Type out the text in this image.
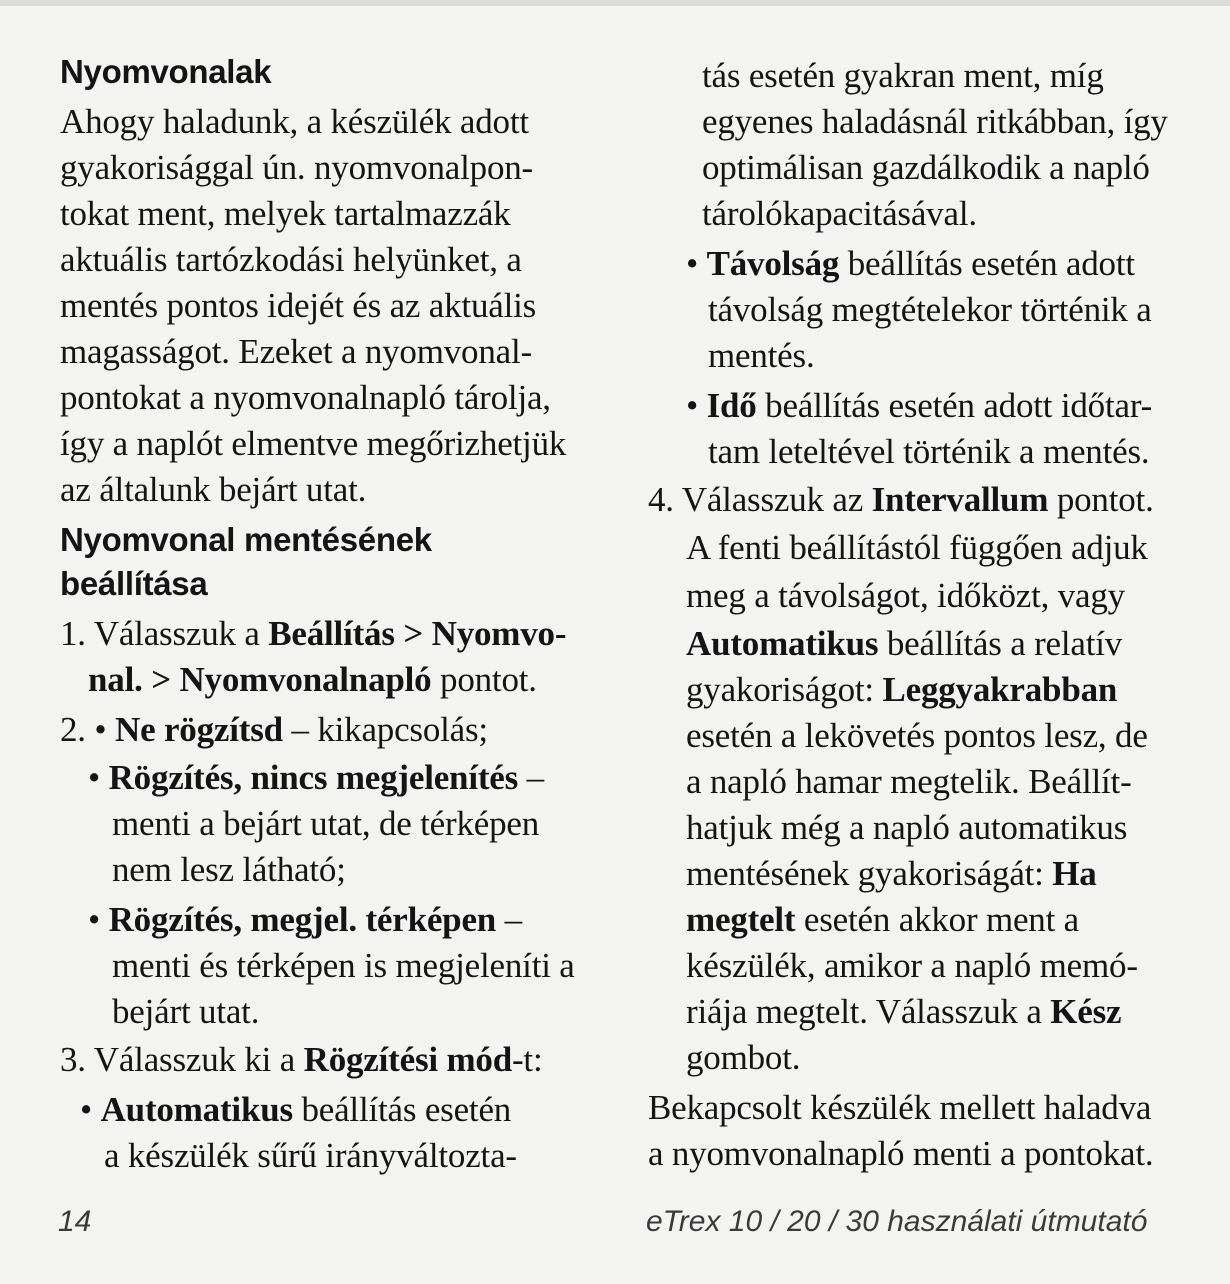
Nyomvonalak
Ahogy haladunk, a készülék adott
gyakorisággal ún. nyomvonalpon-
tokat ment, melyek tartalmazzák
aktuális tartózkodási helyünket, a
mentés pontos idejét és az aktuális
magasságot. Ezeket a nyomvonal-
pontokat a nyomvonalnapló tárolja,
így a naplót elmentve megőrizhetjük
az általunk bejárt utat.
Nyomvonal mentésének
beállítása
1. Válasszuk a Beállítás > Nyomvo-
nal. > Nyomvonalnapló pontot.
2. • Ne rögzítsd – kikapcsolás;
• Rögzítés, nincs megjelenítés –
menti a bejárt utat, de térképen
nem lesz látható;
• Rögzítés, megjel. térképen –
menti és térképen is megjeleníti a
bejárt utat.
3. Válasszuk ki a Rögzítési mód-t:
• Automatikus beállítás esetén
a készülék sűrű irányváltozta-
tás esetén gyakran ment, míg
egyenes haladásnál ritkábban, így
optimálisan gazdálkodik a napló
tárolókapacitásával.
• Távolság beállítás esetén adott
távolság megtételekor történik a
mentés.
• Idő beállítás esetén adott időtar-
tam leteltével történik a mentés.
4. Válasszuk az Intervallum pontot.
A fenti beállítástól függően adjuk
meg a távolságot, időközt, vagy
Automatikus beállítás a relatív
gyakoriságot: Leggyakrabban
esetén a lekövetés pontos lesz, de
a napló hamar megtelik. Beállít-
hatjuk még a napló automatikus
mentésének gyakoriságát: Ha
megtelt esetén akkor ment a
készülék, amikor a napló memó-
riája megtelt. Válasszuk a Kész
gombot.
Bekapcsolt készülék mellett haladva
a nyomvonalnapló menti a pontokat.
14	eTrex 10 / 20 / 30 használati útmutató
